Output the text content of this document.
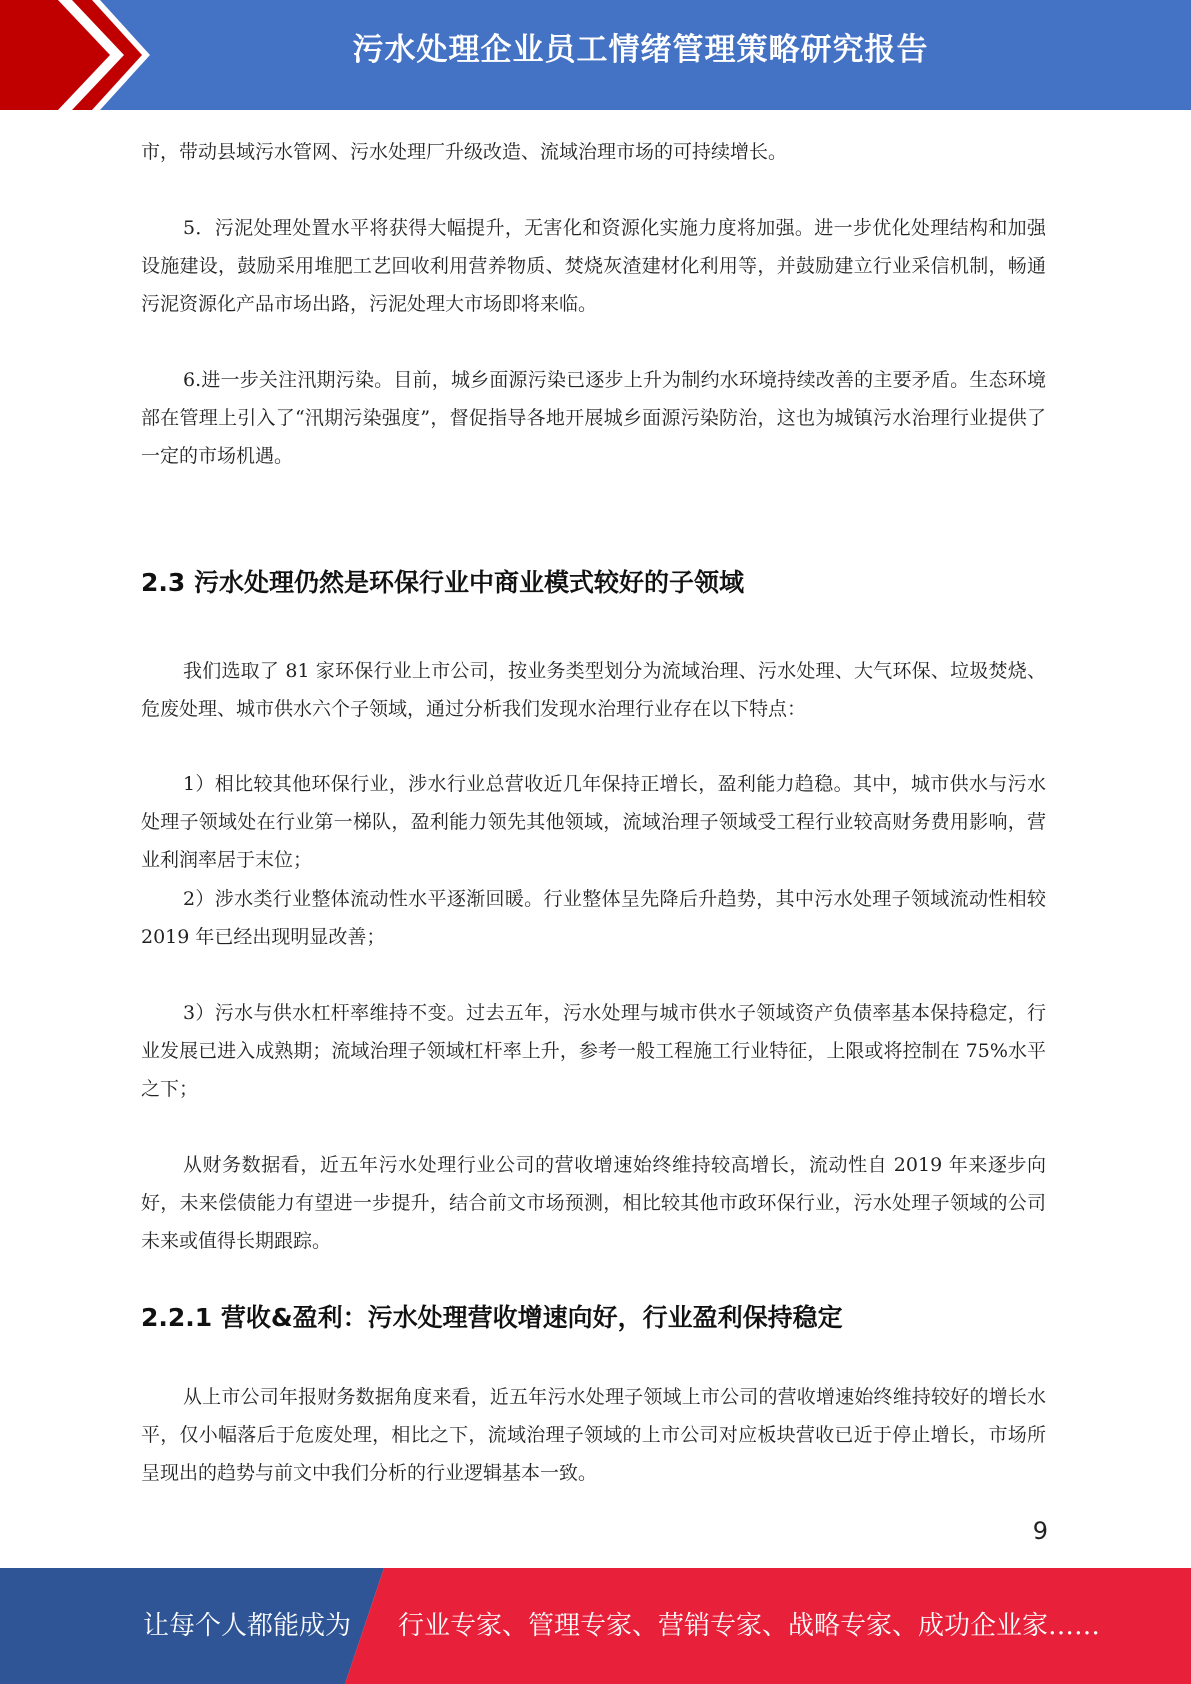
污水处理企业员工情绪管理策略研究报告

市，带动县域污水管网、污水处理厂升级改造、流域治理市场的可持续增长。

5．污泥处理处置水平将获得大幅提升，无害化和资源化实施力度将加强。进一步优化处理结构和加强设施建设，鼓励采用堆肥工艺回收利用营养物质、焚烧灰渣建材化利用等，并鼓励建立行业采信机制，畅通污泥资源化产品市场出路，污泥处理大市场即将来临。

6.进一步关注汛期污染。目前，城乡面源污染已逐步上升为制约水环境持续改善的主要矛盾。生态环境部在管理上引入了“汛期污染强度”，督促指导各地开展城乡面源污染防治，这也为城镇污水治理行业提供了一定的市场机遇。

2.3 污水处理仍然是环保行业中商业模式较好的子领域

我们选取了 81 家环保行业上市公司，按业务类型划分为流域治理、污水处理、大气环保、垃圾焚烧、危废处理、城市供水六个子领域，通过分析我们发现水治理行业存在以下特点：

1）相比较其他环保行业，涉水行业总营收近几年保持正增长，盈利能力趋稳。其中，城市供水与污水处理子领域处在行业第一梯队，盈利能力领先其他领域，流域治理子领域受工程行业较高财务费用影响，营业利润率居于末位；

2）涉水类行业整体流动性水平逐渐回暖。行业整体呈先降后升趋势，其中污水处理子领域流动性相较 2019 年已经出现明显改善；

3）污水与供水杠杆率维持不变。过去五年，污水处理与城市供水子领域资产负债率基本保持稳定，行业发展已进入成熟期；流域治理子领域杠杆率上升，参考一般工程施工行业特征，上限或将控制在 75%水平之下；

从财务数据看，近五年污水处理行业公司的营收增速始终维持较高增长，流动性自 2019 年来逐步向好，未来偿债能力有望进一步提升，结合前文市场预测，相比较其他市政环保行业，污水处理子领域的公司未来或值得长期跟踪。

2.2.1 营收&盈利：污水处理营收增速向好，行业盈利保持稳定

从上市公司年报财务数据角度来看，近五年污水处理子领域上市公司的营收增速始终维持较好的增长水平，仅小幅落后于危废处理，相比之下，流域治理子领域的上市公司对应板块营收已近于停止增长，市场所呈现出的趋势与前文中我们分析的行业逻辑基本一致。

9
让每个人都能成为 行业专家、管理专家、营销专家、战略专家、成功企业家……
